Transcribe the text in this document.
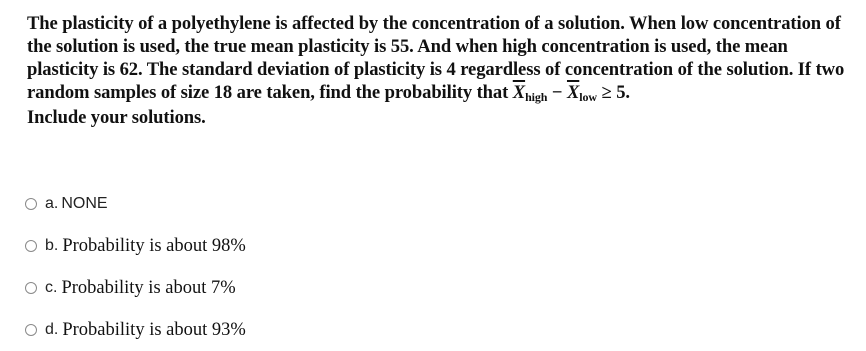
The plasticity of a polyethylene is affected by the concentration of a solution. When low concentration of the solution is used, the true mean plasticity is 55. And when high concentration is used, the mean plasticity is 62. The standard deviation of plasticity is 4 regardless of concentration of the solution. If two random samples of size 18 are taken, find the probability that $\overline{X}high - \overline{X}low \ge 5$.
Include your solutions.
a. NONE
b. Probability is about 98%
c. Probability is about 7%
d. Probability is about 93%
